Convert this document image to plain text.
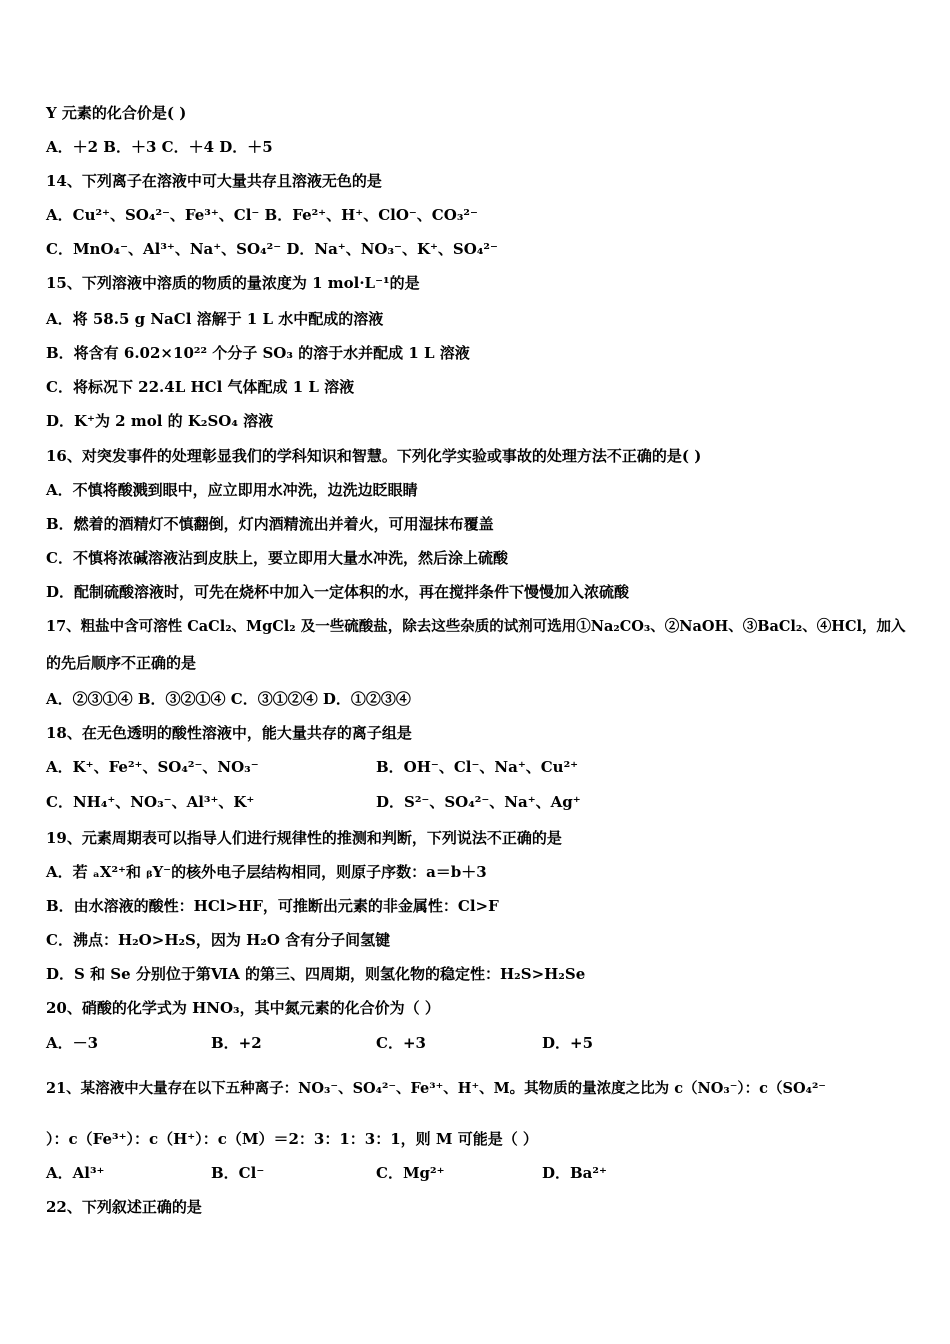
Y 元素的化合价是( )
A．＋2 B．＋3 C．＋4 D．＋5
14、下列离子在溶液中可大量共存且溶液无色的是
A．Cu²⁺、SO₄²⁻、Fe³⁺、Cl⁻ B．Fe²⁺、H⁺、ClO⁻、CO₃²⁻
C．MnO₄⁻、Al³⁺、Na⁺、SO₄²⁻ D．Na⁺、NO₃⁻、K⁺、SO₄²⁻
15、下列溶液中溶质的物质的量浓度为 1 mol·L⁻¹的是
A．将 58.5 g NaCl 溶解于 1 L 水中配成的溶液
B．将含有 6.02×10²² 个分子 SO₃ 的溶于水并配成 1 L 溶液
C．将标况下 22.4L HCl 气体配成 1 L 溶液
D．K⁺为 2 mol 的 K₂SO₄ 溶液
16、对突发事件的处理彰显我们的学科知识和智慧。下列化学实验或事故的处理方法不正确的是( )
A．不慎将酸溅到眼中，应立即用水冲洗，边洗边眨眼睛
B．燃着的酒精灯不慎翻倒，灯内酒精流出并着火，可用湿抹布覆盖
C．不慎将浓碱溶液沾到皮肤上，要立即用大量水冲洗，然后涂上硫酸
D．配制硫酸溶液时，可先在烧杯中加入一定体积的水，再在搅拌条件下慢慢加入浓硫酸
17、粗盐中含可溶性 CaCl₂、MgCl₂ 及一些硫酸盐，除去这些杂质的试剂可选用①Na₂CO₃、②NaOH、③BaCl₂、④HCl，加入
的先后顺序不正确的是
A．②③①④ B．③②①④ C．③①②④ D．①②③④
18、在无色透明的酸性溶液中，能大量共存的离子组是
A．K⁺、Fe²⁺、SO₄²⁻、NO₃⁻	B．OH⁻、Cl⁻、Na⁺、Cu²⁺
C．NH₄⁺、NO₃⁻、Al³⁺、K⁺	D．S²⁻、SO₄²⁻、Na⁺、Ag⁺
19、元素周期表可以指导人们进行规律性的推测和判断，下列说法不正确的是
A．若 ₐX²⁺和 ᵦY⁻的核外电子层结构相同，则原子序数：a＝b＋3
B．由水溶液的酸性：HCl>HF，可推断出元素的非金属性：Cl>F
C．沸点：H₂O>H₂S，因为 H₂O 含有分子间氢键
D．S 和 Se 分别位于第ⅥA 的第三、四周期，则氢化物的稳定性：H₂S>H₂Se
20、硝酸的化学式为 HNO₃，其中氮元素的化合价为（ ）
A．－3	B．+2	C．+3	D．+5
21、某溶液中大量存在以下五种离子：NO₃⁻、SO₄²⁻、Fe³⁺、H⁺、M。其物质的量浓度之比为 c（NO₃⁻）：c（SO₄²⁻
）：c（Fe³⁺）：c（H⁺）：c（M）＝2：3：1：3：1，则 M 可能是（ ）
A．Al³⁺	B．Cl⁻	C．Mg²⁺	D．Ba²⁺
22、下列叙述正确的是
